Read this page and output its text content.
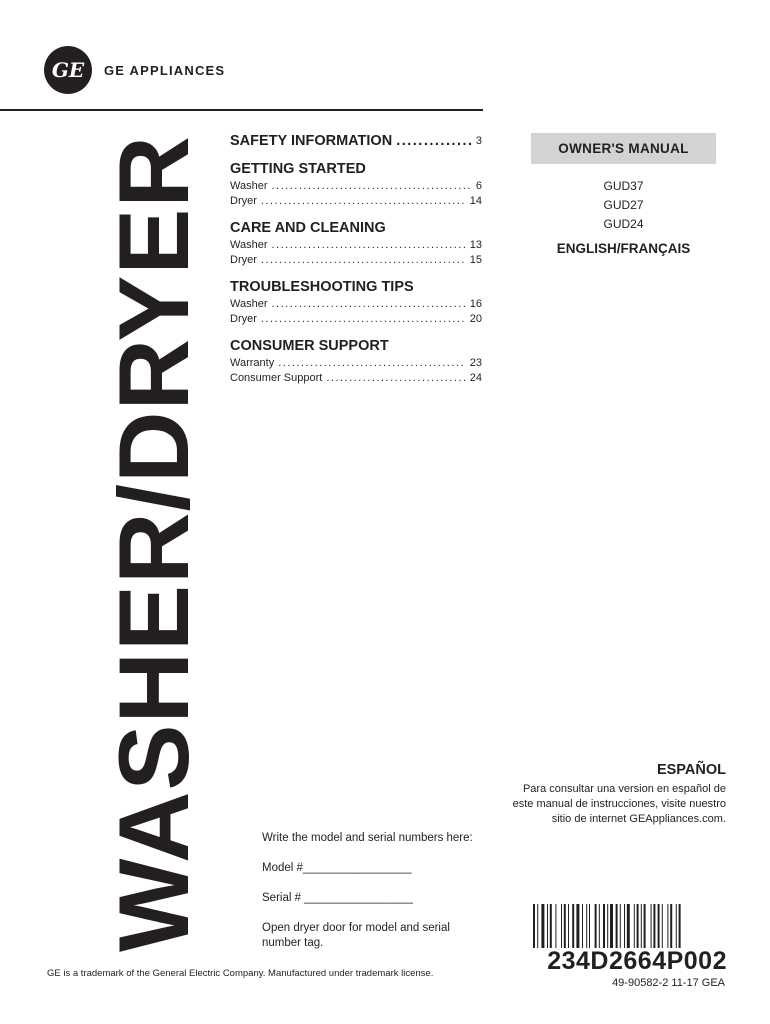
GE	GE APPLIANCES
WASHER/DRYER SAFETY INFORMATION .....	3
GETTING STARTED
Washer .....	6
Dryer .....	14
CARE AND CLEANING
Washer .....	13
Dryer .....	15
TROUBLESHOOTING TIPS
Washer .....	16
Dryer .....	20
CONSUMER SUPPORT
Warranty .....	23
Consumer Support .....	24
OWNER'S MANUAL
GUD37
GUD27
GUD24
ENGLISH/FRANÇAIS
ESPAÑOL
Para consultar una version en español de este manual de instrucciones, visite nuestro sitio de internet GEAppliances.com.

Write the model and serial numbers here:

Model #_________________

Serial # _________________

Open dryer door for model and serial number tag.

234D2664P002
49-90582-2 11-17 GEA
GE is a trademark of the General Electric Company. Manufactured under trademark license.
